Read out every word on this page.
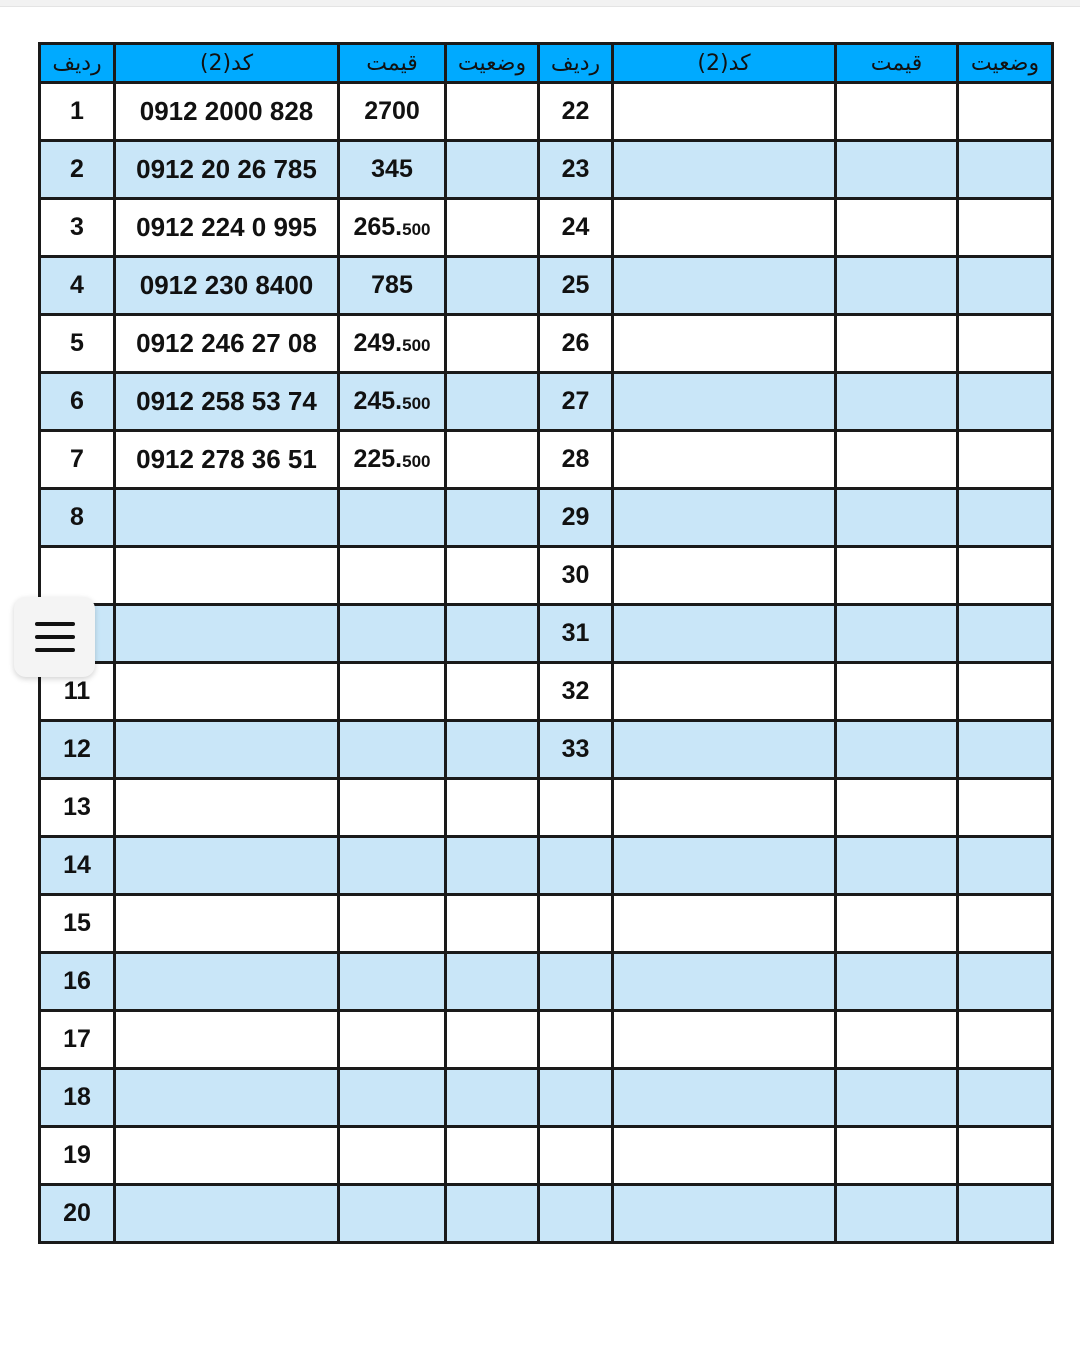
رديف	كد(2)	قيمت	وضعيت	رديف	كد(2)	قيمت	وضعيت
1	0912 2000 828	2700		22			
2	0912 20 26 785	345		23			
3	0912 224 0 995	265.500		24			
4	0912 230 8400	785		25			
5	0912 246 27 08	249.500		26			
6	0912 258 53 74	245.500		27			
7	0912 278 36 51	225.500		28			
8				29			
				30			
				31			
11				32			
12				33			
13							
14							
15							
16							
17							
18							
19							
20							
